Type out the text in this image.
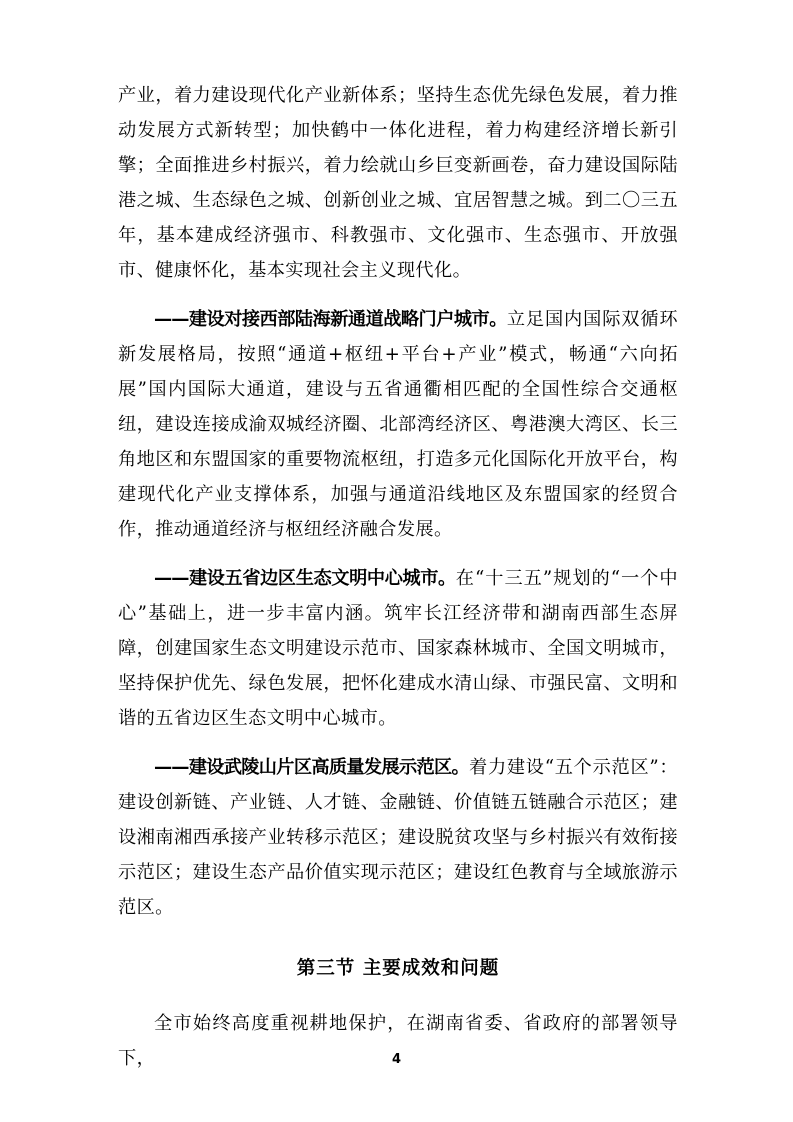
产业，着力建设现代化产业新体系；坚持生态优先绿色发展，着力推动发展方式新转型；加快鹤中一体化进程，着力构建经济增长新引擎；全面推进乡村振兴，着力绘就山乡巨变新画卷，奋力建设国际陆港之城、生态绿色之城、创新创业之城、宜居智慧之城。到二〇三五年，基本建成经济强市、科教强市、文化强市、生态强市、开放强市、健康怀化，基本实现社会主义现代化。

——建设对接西部陆海新通道战略门户城市。立足国内国际双循环新发展格局，按照“通道+枢纽+平台+产业”模式，畅通“六向拓展”国内国际大通道，建设与五省通衢相匹配的全国性综合交通枢纽，建设连接成渝双城经济圈、北部湾经济区、粤港澳大湾区、长三角地区和东盟国家的重要物流枢纽，打造多元化国际化开放平台，构建现代化产业支撑体系，加强与通道沿线地区及东盟国家的经贸合作，推动通道经济与枢纽经济融合发展。

——建设五省边区生态文明中心城市。在“十三五”规划的“一个中心”基础上，进一步丰富内涵。筑牢长江经济带和湖南西部生态屏障，创建国家生态文明建设示范市、国家森林城市、全国文明城市，坚持保护优先、绿色发展，把怀化建成水清山绿、市强民富、文明和谐的五省边区生态文明中心城市。

——建设武陵山片区高质量发展示范区。着力建设“五个示范区”：建设创新链、产业链、人才链、金融链、价值链五链融合示范区；建设湘南湘西承接产业转移示范区；建设脱贫攻坚与乡村振兴有效衔接示范区；建设生态产品价值实现示范区；建设红色教育与全域旅游示范区。

第三节 主要成效和问题

全市始终高度重视耕地保护，在湖南省委、省政府的部署领导下，	4
